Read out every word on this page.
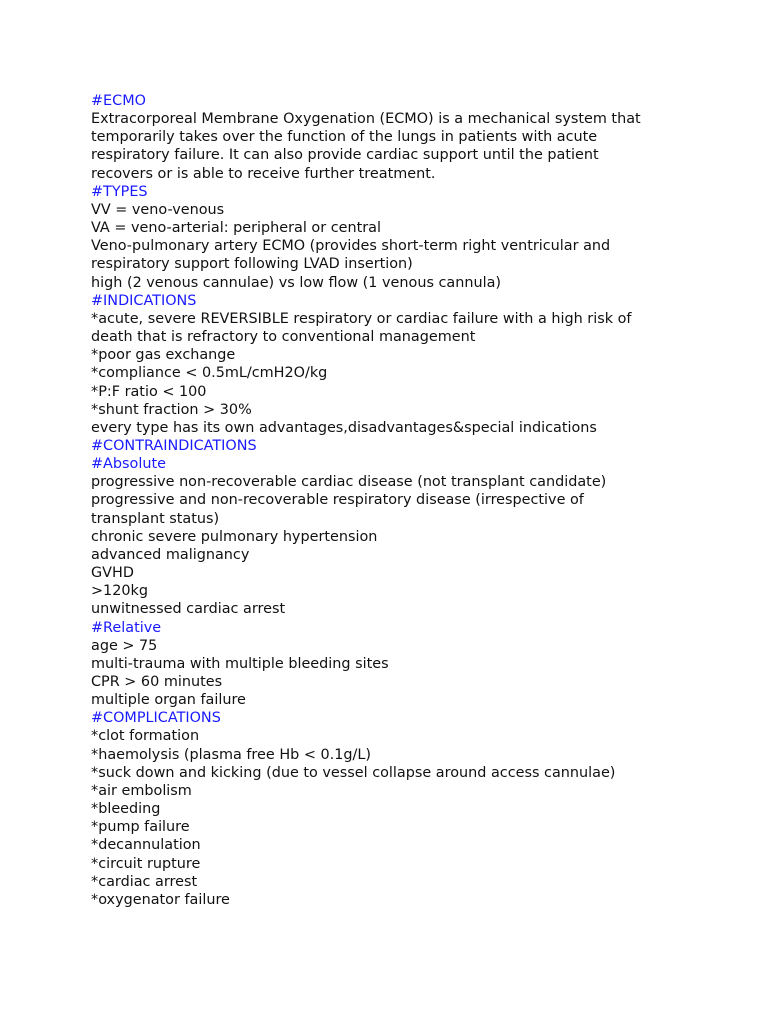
#ECMO
Extracorporeal Membrane Oxygenation (ECMO) is a mechanical system that
temporarily takes over the function of the lungs in patients with acute
respiratory failure. It can also provide cardiac support until the patient
recovers or is able to receive further treatment.
#TYPES
VV = veno-venous
VA = veno-arterial: peripheral or central
Veno-pulmonary artery ECMO (provides short-term right ventricular and
respiratory support following LVAD insertion)
high (2 venous cannulae) vs low flow (1 venous cannula)
#INDICATIONS
*acute, severe REVERSIBLE respiratory or cardiac failure with a high risk of
death that is refractory to conventional management
*poor gas exchange
*compliance < 0.5mL/cmH2O/kg
*P:F ratio < 100
*shunt fraction > 30%
every type has its own advantages,disadvantages&special indications
#CONTRAINDICATIONS
#Absolute
progressive non-recoverable cardiac disease (not transplant candidate)
progressive and non-recoverable respiratory disease (irrespective of
transplant status)
chronic severe pulmonary hypertension
advanced malignancy
GVHD
>120kg
unwitnessed cardiac arrest
#Relative
age > 75
multi-trauma with multiple bleeding sites
CPR > 60 minutes
multiple organ failure
#COMPLICATIONS
*clot formation
*haemolysis (plasma free Hb < 0.1g/L)
*suck down and kicking (due to vessel collapse around access cannulae)
*air embolism
*bleeding
*pump failure
*decannulation
*circuit rupture
*cardiac arrest
*oxygenator failure
